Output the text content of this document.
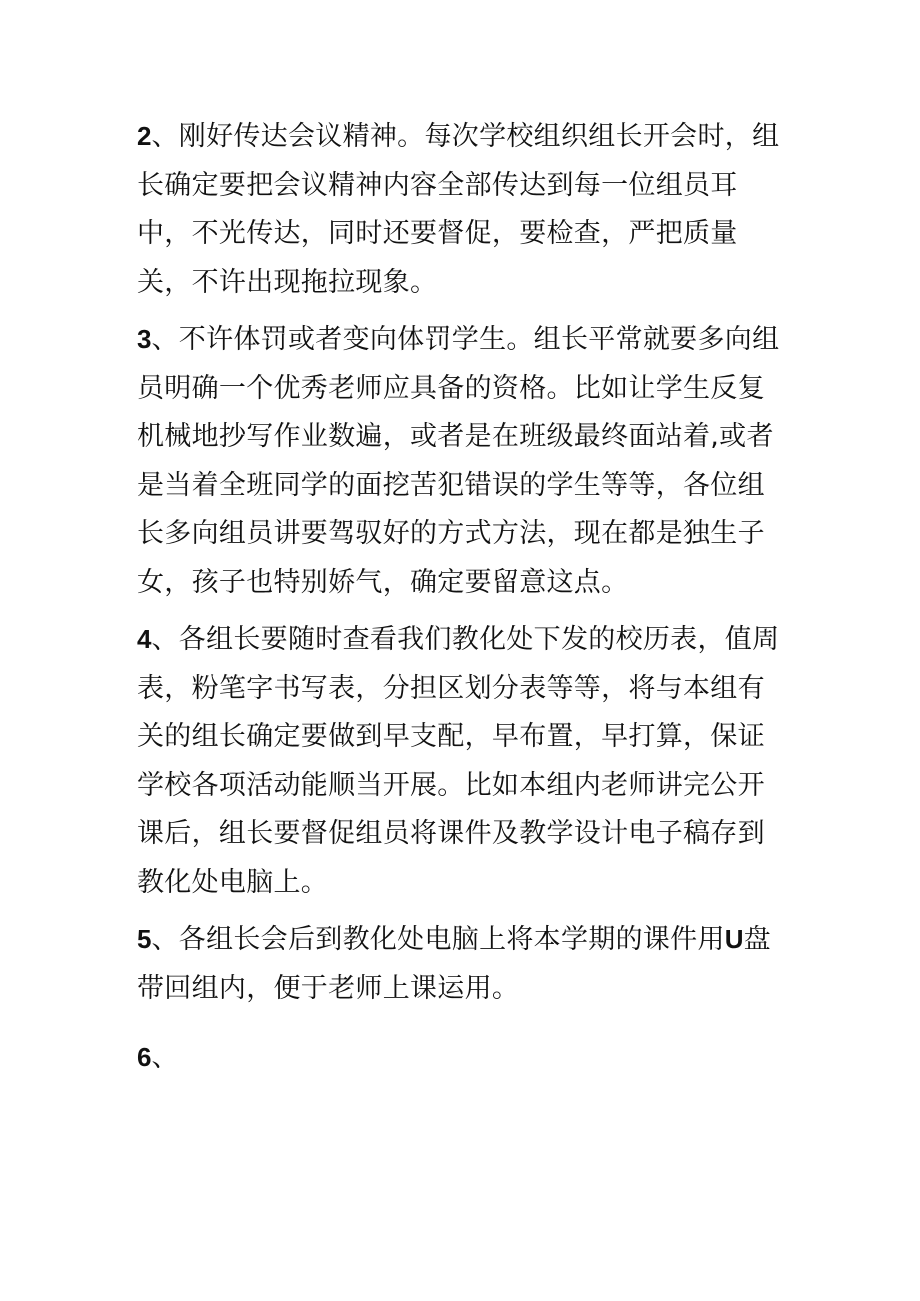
2、刚好传达会议精神。每次学校组织组长开会时，组长确定要把会议精神内容全部传达到每一位组员耳中，不光传达，同时还要督促，要检查，严把质量关，不许出现拖拉现象。

3、不许体罚或者变向体罚学生。组长平常就要多向组员明确一个优秀老师应具备的资格。比如让学生反复机械地抄写作业数遍，或者是在班级最终面站着,或者是当着全班同学的面挖苦犯错误的学生等等，各位组长多向组员讲要驾驭好的方式方法，现在都是独生子女，孩子也特别娇气，确定要留意这点。

4、各组长要随时查看我们教化处下发的校历表，值周表，粉笔字书写表，分担区划分表等等，将与本组有关的组长确定要做到早支配，早布置，早打算，保证学校各项活动能顺当开展。比如本组内老师讲完公开课后，组长要督促组员将课件及教学设计电子稿存到教化处电脑上。

5、各组长会后到教化处电脑上将本学期的课件用U盘带回组内，便于老师上课运用。

6、
